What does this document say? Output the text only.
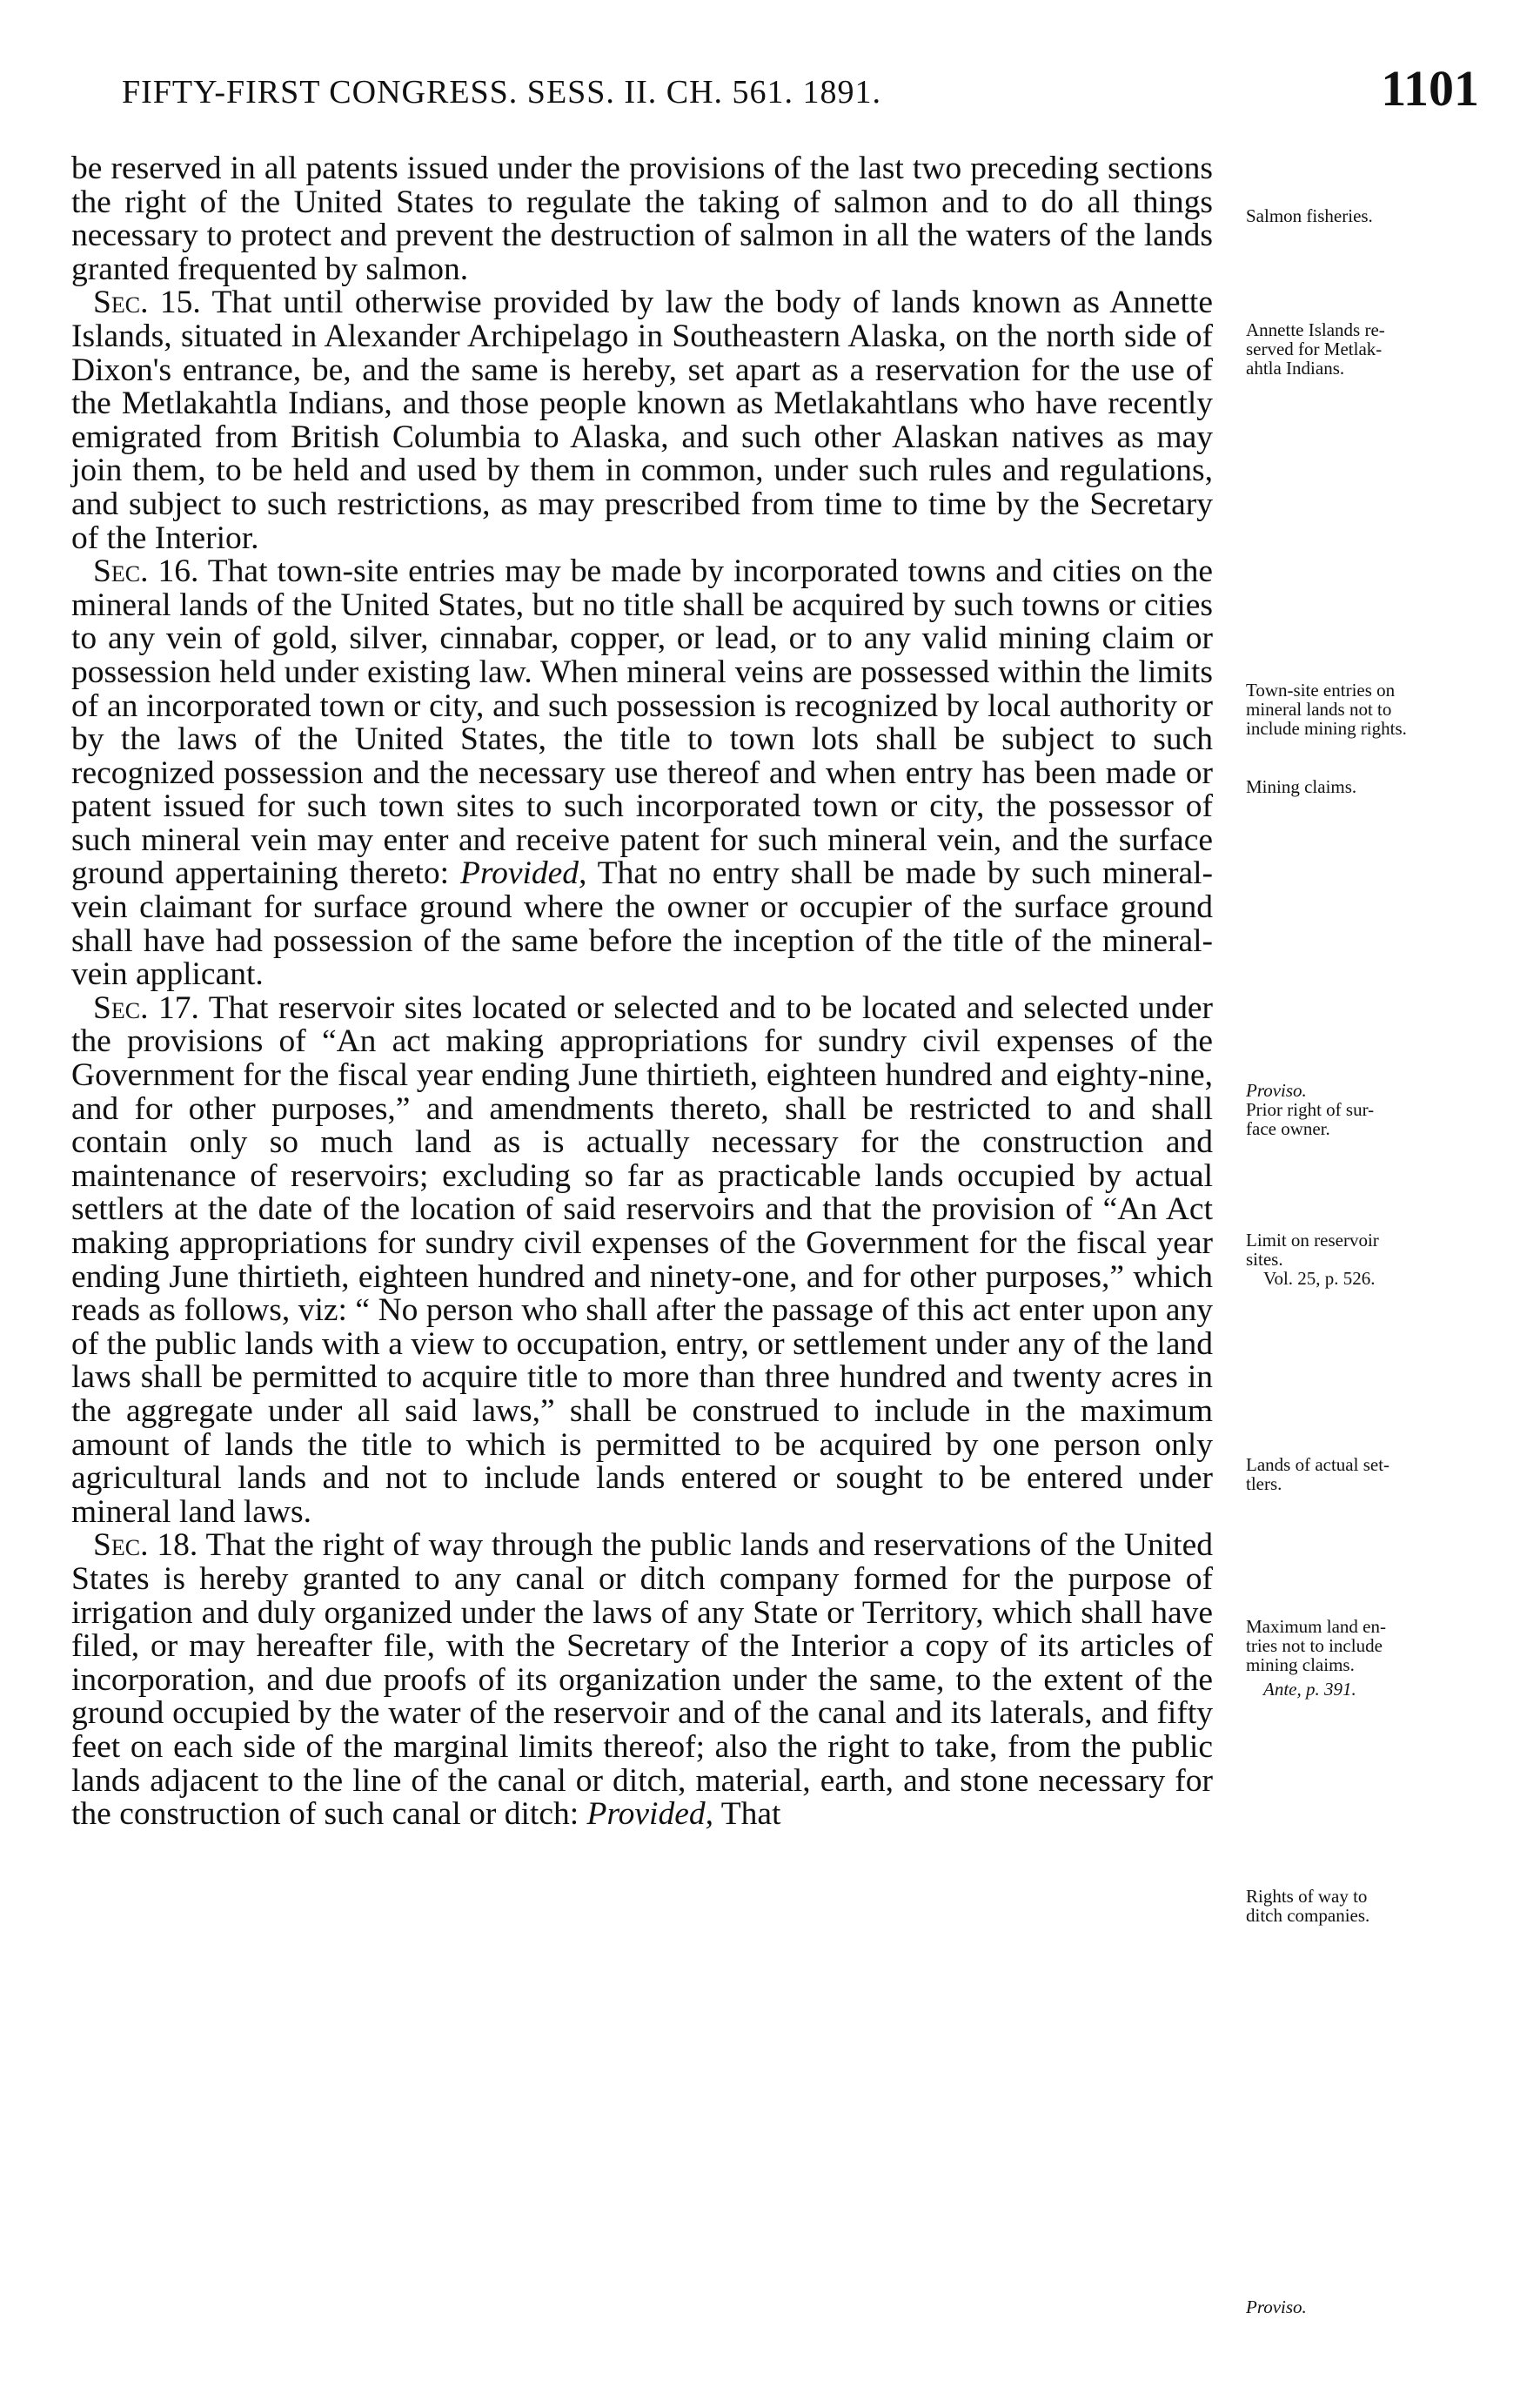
FIFTY-FIRST CONGRESS. SESS. II. CH. 561. 1891.	1101

be reserved in all patents issued under the provisions of the last two preceding sections the right of the United States to regulate the taking of salmon and to do all things necessary to protect and prevent the destruction of salmon in all the waters of the lands granted frequented by salmon.

Sec. 15. That until otherwise provided by law the body of lands known as Annette Islands, situated in Alexander Archipelago in Southeastern Alaska, on the north side of Dixon's entrance, be, and the same is hereby, set apart as a reservation for the use of the Metlakahtla Indians, and those people known as Metlakahtlans who have recently emigrated from British Columbia to Alaska, and such other Alaskan natives as may join them, to be held and used by them in common, under such rules and regulations, and subject to such restrictions, as may prescribed from time to time by the Secretary of the Interior.

Sec. 16. That town-site entries may be made by incorporated towns and cities on the mineral lands of the United States, but no title shall be acquired by such towns or cities to any vein of gold, silver, cinnabar, copper, or lead, or to any valid mining claim or possession held under existing law. When mineral veins are possessed within the limits of an incorporated town or city, and such possession is recognized by local authority or by the laws of the United States, the title to town lots shall be subject to such recognized possession and the necessary use thereof and when entry has been made or patent issued for such town sites to such incorporated town or city, the possessor of such mineral vein may enter and receive patent for such mineral vein, and the surface ground appertaining thereto: Provided, That no entry shall be made by such mineral-vein claimant for surface ground where the owner or occupier of the surface ground shall have had possession of the same before the inception of the title of the mineral-vein applicant.

Sec. 17. That reservoir sites located or selected and to be located and selected under the provisions of “An act making appropriations for sundry civil expenses of the Government for the fiscal year ending June thirtieth, eighteen hundred and eighty-nine, and for other purposes,” and amendments thereto, shall be restricted to and shall contain only so much land as is actually necessary for the construction and maintenance of reservoirs; excluding so far as practicable lands occupied by actual settlers at the date of the location of said reservoirs and that the provision of “An Act making appropriations for sundry civil expenses of the Government for the fiscal year ending June thirtieth, eighteen hundred and ninety-one, and for other purposes,” which reads as follows, viz: “ No person who shall after the passage of this act enter upon any of the public lands with a view to occupation, entry, or settlement under any of the land laws shall be permitted to acquire title to more than three hundred and twenty acres in the aggregate under all said laws,” shall be construed to include in the maximum amount of lands the title to which is permitted to be acquired by one person only agricultural lands and not to include lands entered or sought to be entered under mineral land laws.

Sec. 18. That the right of way through the public lands and reservations of the United States is hereby granted to any canal or ditch company formed for the purpose of irrigation and duly organized under the laws of any State or Territory, which shall have filed, or may hereafter file, with the Secretary of the Interior a copy of its articles of incorporation, and due proofs of its organization under the same, to the extent of the ground occupied by the water of the reservoir and of the canal and its laterals, and fifty feet on each side of the marginal limits thereof; also the right to take, from the public lands adjacent to the line of the canal or ditch, material, earth, and stone necessary for the construction of such canal or ditch: Provided, That

Salmon fisheries.
Annette Islands re-
served for Metlak-
ahtla Indians.
Town-site entries on
mineral lands not to
include mining rights.
Mining claims.
Proviso.
Prior right of sur-
face owner.
Limit on reservoir
sites.
Vol. 25, p. 526.
Lands of actual set-
tlers.
Maximum land en-
tries not to include
mining claims.
Ante, p. 391.
Rights of way to
ditch companies.
Proviso.
